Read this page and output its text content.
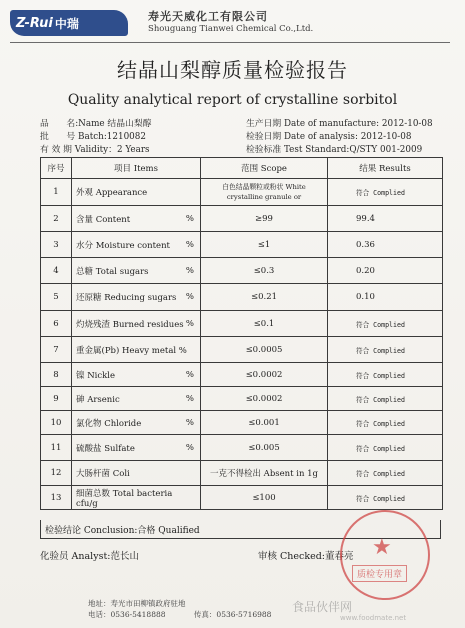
Z-Rui 中瑞	寿光天威化工有限公司
Shouguang Tianwei Chemical Co.,Ltd.
结晶山梨醇质量检验报告
Quality analytical report of crystalline sorbitol
品　　名:Name 结晶山梨醇
批　　号 Batch:1210082
有 效 期 Validity：2 Years
生产日期 Date of manufacture: 2012-10-08
检验日期 Date of analysis: 2012-10-08
检验标准 Test Standard:Q/STY 001-2009
序号	项目 Items	范围 Scope	结果 Results
1	外观 Appearance	白色结晶颗粒或粉状 White crystalline granule or	符合 Complied
2	含量 Content %	≥99	99.4
3	水分 Moisture content %	≤1	0.36
4	总糖 Total sugars %	≤0.3	0.20
5	还原糖 Reducing sugars %	≤0.21	0.10
6	灼烧残渣 Burned residues %	≤0.1	符合 Complied
7	重金属(Pb) Heavy metal %	≤0.0005	符合 Complied
8	镍 Nickle %	≤0.0002	符合 Complied
9	砷 Arsenic %	≤0.0002	符合 Complied
10	氯化物 Chloride %	≤0.001	符合 Complied
11	硫酸盐 Sulfate %	≤0.005	符合 Complied
12	大肠杆菌 Coli	一克不得检出 Absent in 1g	符合 Complied
13	细菌总数 Total bacteria cfu/g	≤100	符合 Complied
检验结论 Conclusion:合格 Qualified
化验员 Analyst:范长山	审核 Checked:董春亮 ★
质检专用章
地址：寿光市田柳镇政府驻地
电话：0536-5418888	传真：0536-5716988
食品伙伴网
www.foodmate.net
